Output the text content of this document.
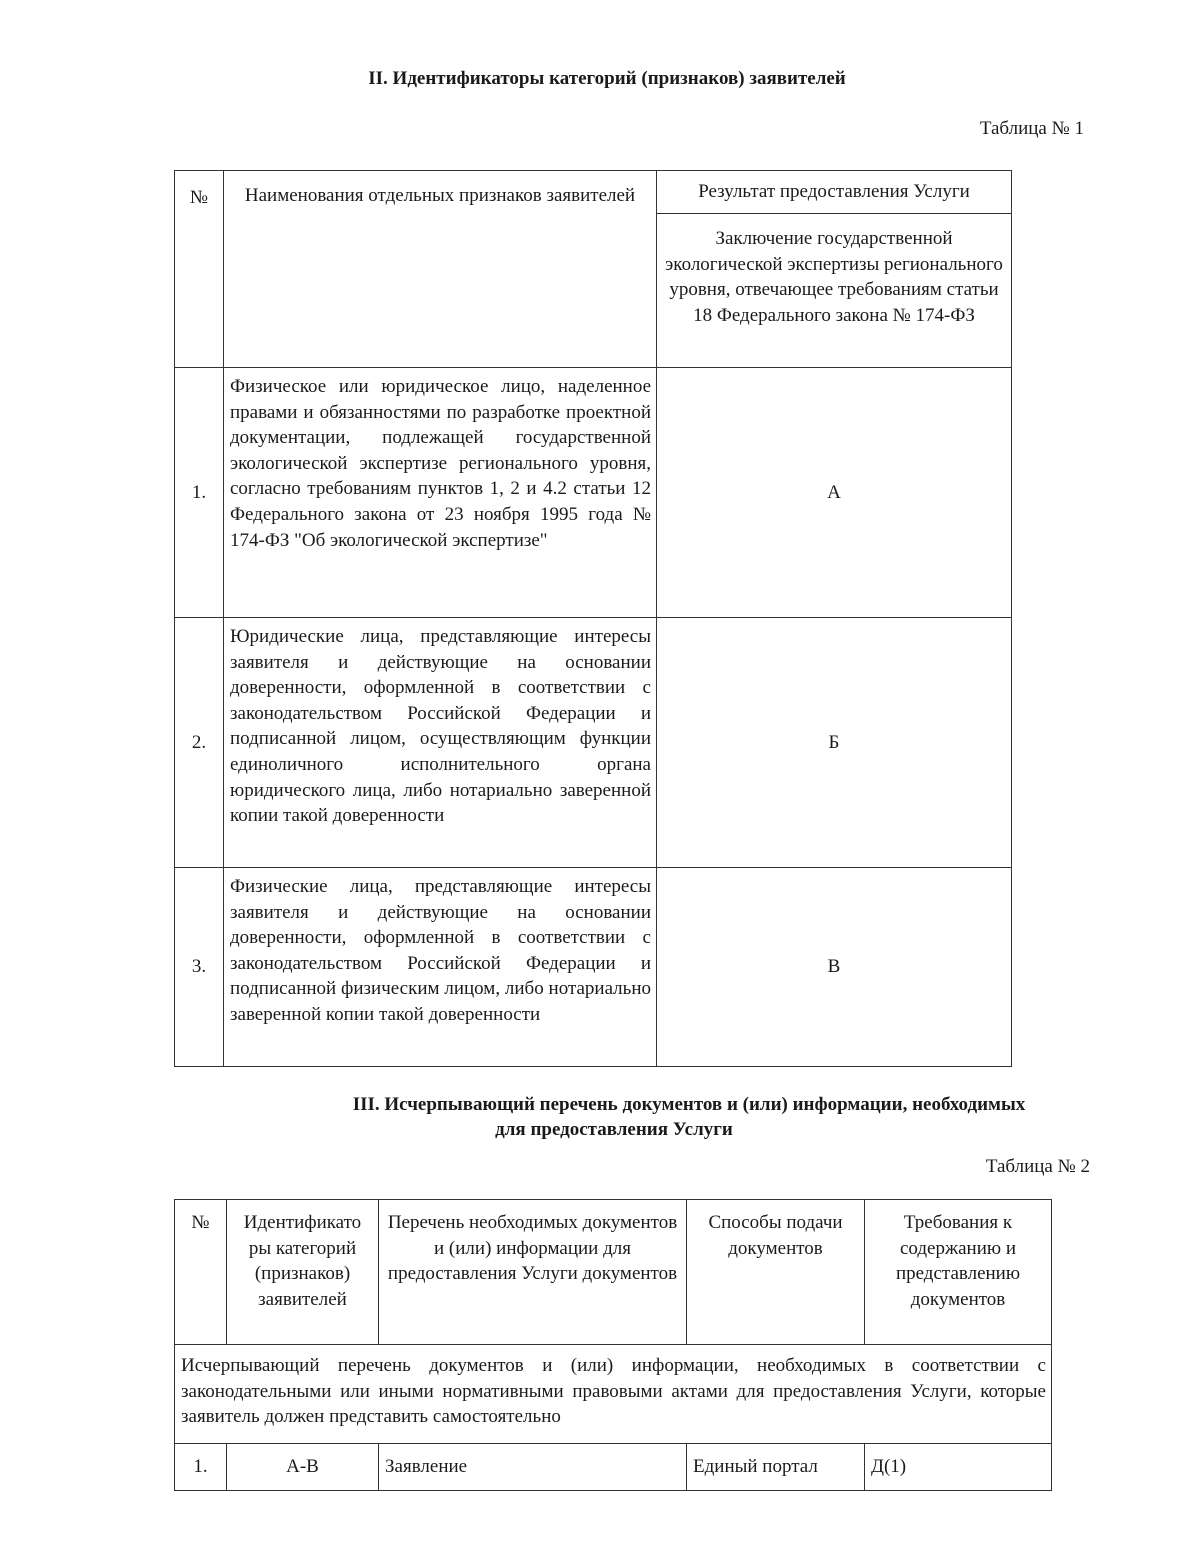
II. Идентификаторы категорий (признаков) заявителей
Таблица № 1
№	Наименования отдельных признаков заявителей	Результат предоставления Услуги
		Заключение государственной экологической экспертизы регионального уровня, отвечающее требованиям статьи 18 Федерального закона № 174-ФЗ
1.	Физическое или юридическое лицо, наделенное правами и обязанностями по разработке проектной документации, подлежащей государственной экологической экспертизе регионального уровня, согласно требованиям пунктов 1, 2 и 4.2 статьи 12 Федерального закона от 23 ноября 1995 года № 174-ФЗ "Об экологической экспертизе"	А
2.	Юридические лица, представляющие интересы заявителя и действующие на основании доверенности, оформленной в соответствии с законодательством Российской Федерации и подписанной лицом, осуществляющим функции единоличного исполнительного органа юридического лица, либо нотариально заверенной копии такой доверенности	Б
3.	Физические лица, представляющие интересы заявителя и действующие на основании доверенности, оформленной в соответствии с законодательством Российской Федерации и подписанной физическим лицом, либо нотариально заверенной копии такой доверенности	В
III. Исчерпывающий перечень документов и (или) информации, необходимых
для предоставления Услуги
Таблица № 2
№	Идентификато ры категорий (признаков) заявителей	Перечень необходимых документов и (или) информации для предоставления Услуги документов	Способы подачи документов	Требования к содержанию и представлению документов
Исчерпывающий перечень документов и (или) информации, необходимых в соответствии с законодательными или иными нормативными правовыми актами для предоставления Услуги, которые заявитель должен представить самостоятельно				
1.	А-В	Заявление	Единый портал	Д(1)
